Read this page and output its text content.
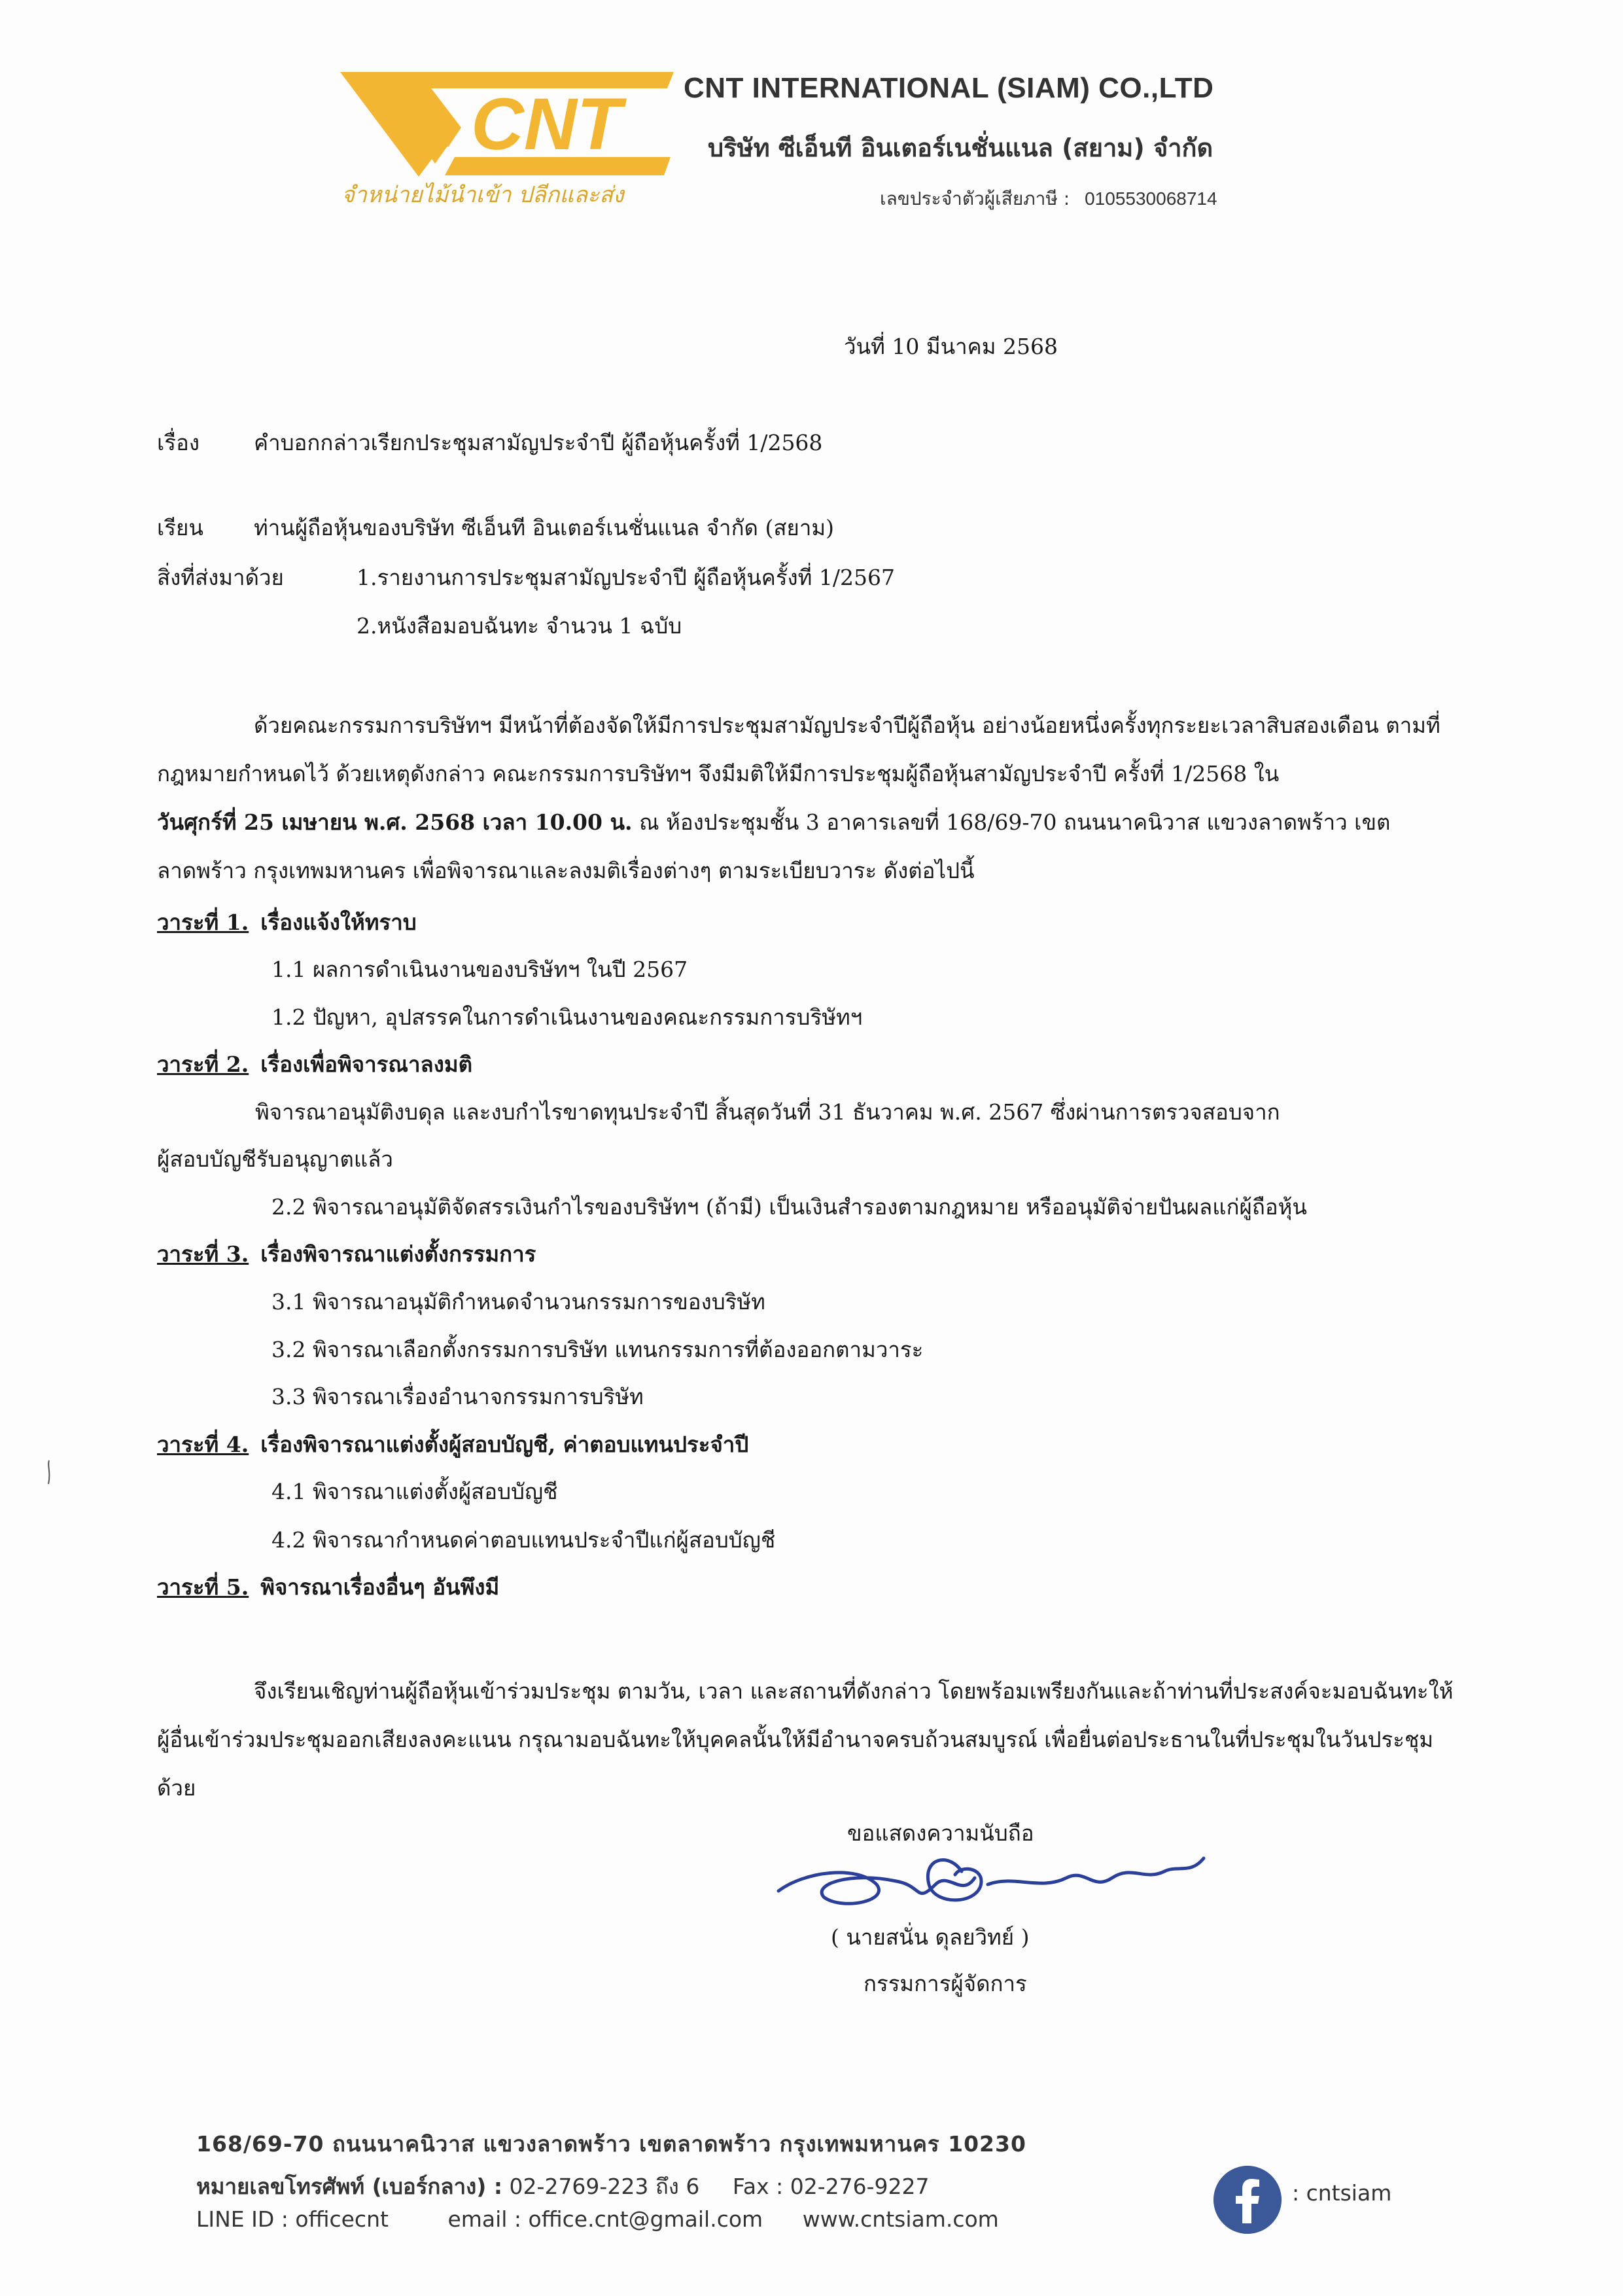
CNT
จำหน่ายไม้นำเข้า ปลีกและส่ง
CNT INTERNATIONAL (SIAM) CO.,LTD
บริษัท ซีเอ็นที อินเตอร์เนชั่นแนล (สยาม) จำกัด
เลขประจำตัวผู้เสียภาษี : 0105530068714
วันที่ 10 มีนาคม 2568
เรื่อง	คำบอกกล่าวเรียกประชุมสามัญประจำปี ผู้ถือหุ้นครั้งที่ 1/2568
เรียน ท่านผู้ถือหุ้นของบริษัท ซีเอ็นที อินเตอร์เนชั่นแนล จำกัด (สยาม)
สิ่งที่ส่งมาด้วย	1.รายงานการประชุมสามัญประจำปี ผู้ถือหุ้นครั้งที่ 1/2567
2.หนังสือมอบฉันทะ จำนวน 1 ฉบับ
ด้วยคณะกรรมการบริษัทฯ มีหน้าที่ต้องจัดให้มีการประชุมสามัญประจำปีผู้ถือหุ้น อย่างน้อยหนึ่งครั้งทุกระยะเวลาสิบสองเดือน ตามที่กฎหมายกำหนดไว้ ด้วยเหตุดังกล่าว คณะกรรมการบริษัทฯ จึงมีมติให้มีการประชุมผู้ถือหุ้นสามัญประจำปี ครั้งที่ 1/2568 ใน
วันศุกร์ที่ 25 เมษายน พ.ศ. 2568 เวลา 10.00 น. ณ ห้องประชุมชั้น 3 อาคารเลขที่ 168/69-70 ถนนนาคนิวาส แขวงลาดพร้าว เขตลาดพร้าว กรุงเทพมหานคร เพื่อพิจารณาและลงมติเรื่องต่างๆ ตามระเบียบวาระ ดังต่อไปนี้
วาระที่ 1. เรื่องแจ้งให้ทราบ
1.1 ผลการดำเนินงานของบริษัทฯ ในปี 2567
1.2 ปัญหา, อุปสรรคในการดำเนินงานของคณะกรรมการบริษัทฯ
วาระที่ 2. เรื่องเพื่อพิจารณาลงมติ
พิจารณาอนุมัติงบดุล และงบกำไรขาดทุนประจำปี สิ้นสุดวันที่ 31 ธันวาคม พ.ศ. 2567 ซึ่งผ่านการตรวจสอบจาก
ผู้สอบบัญชีรับอนุญาตแล้ว
2.2 พิจารณาอนุมัติจัดสรรเงินกำไรของบริษัทฯ (ถ้ามี) เป็นเงินสำรองตามกฎหมาย หรืออนุมัติจ่ายปันผลแก่ผู้ถือหุ้น
วาระที่ 3. เรื่องพิจารณาแต่งตั้งกรรมการ
3.1 พิจารณาอนุมัติกำหนดจำนวนกรรมการของบริษัท
3.2 พิจารณาเลือกตั้งกรรมการบริษัท แทนกรรมการที่ต้องออกตามวาระ
3.3 พิจารณาเรื่องอำนาจกรรมการบริษัท
วาระที่ 4. เรื่องพิจารณาแต่งตั้งผู้สอบบัญชี, ค่าตอบแทนประจำปี
4.1 พิจารณาแต่งตั้งผู้สอบบัญชี
4.2 พิจารณากำหนดค่าตอบแทนประจำปีแก่ผู้สอบบัญชี
วาระที่ 5. พิจารณาเรื่องอื่นๆ อันพึงมี
จึงเรียนเชิญท่านผู้ถือหุ้นเข้าร่วมประชุม ตามวัน, เวลา และสถานที่ดังกล่าว โดยพร้อมเพรียงกันและถ้าท่านที่ประสงค์จะมอบฉันทะให้ผู้อื่นเข้าร่วมประชุมออกเสียงลงคะแนน กรุณามอบฉันทะให้บุคคลนั้นให้มีอำนาจครบถ้วนสมบูรณ์ เพื่อยื่นต่อประธานในที่ประชุมในวันประชุมด้วย
ขอแสดงความนับถือ
( นายสนั่น ดุลยวิทย์ )
กรรมการผู้จัดการ
168/69-70 ถนนนาคนิวาส แขวงลาดพร้าว เขตลาดพร้าว กรุงเทพมหานคร 10230
หมายเลขโทรศัพท์ (เบอร์กลาง) : 02-2769-223 ถึง 6 Fax : 02-276-9227
LINE ID : officecnt	email : office.cnt@gmail.com www.cntsiam.com
: cntsiam
